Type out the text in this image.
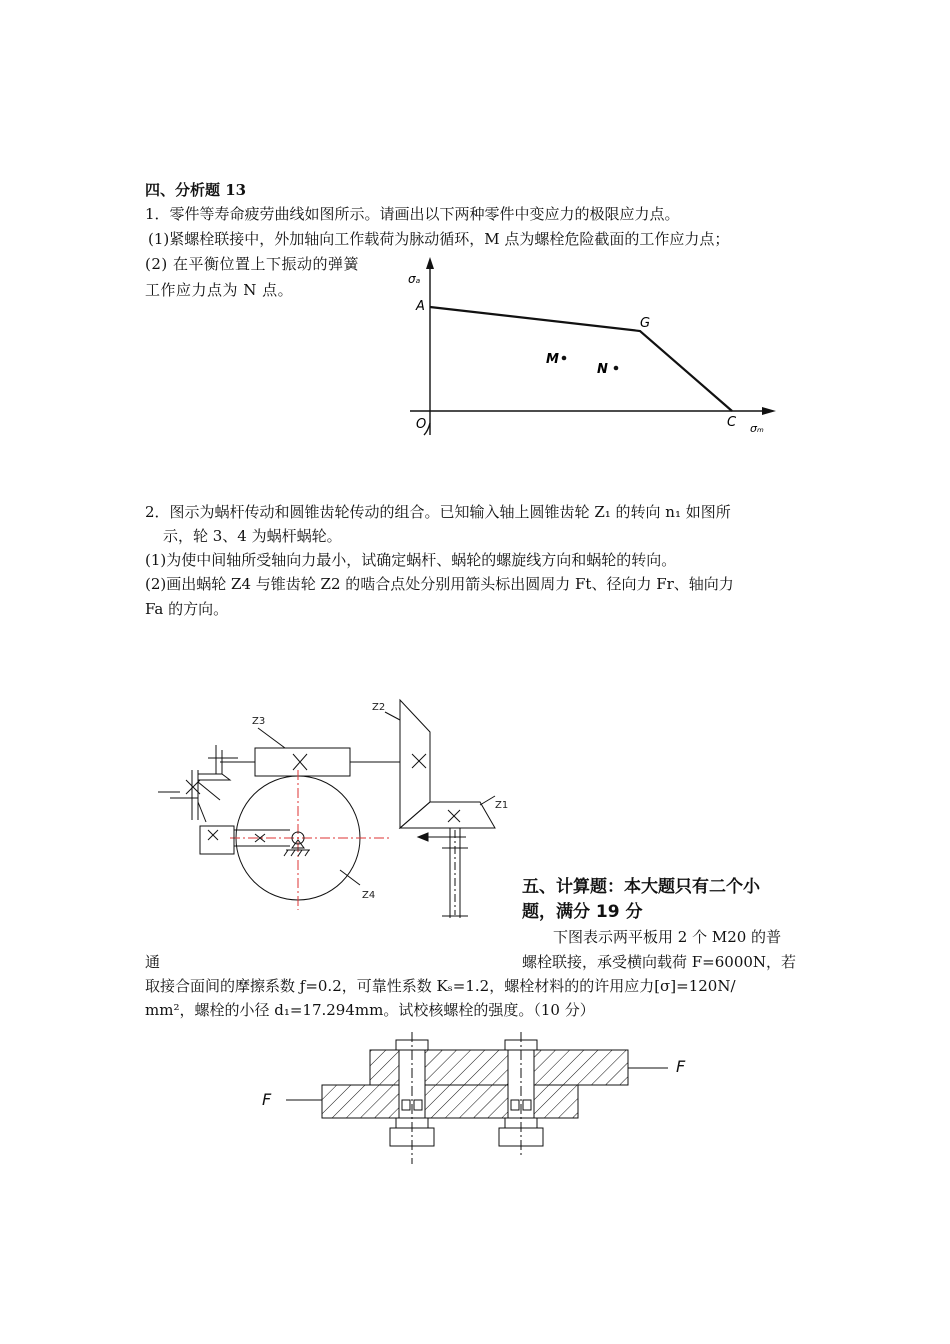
四、分析题 13
1．零件等寿命疲劳曲线如图所示。请画出以下两种零件中变应力的极限应力点。
(1)紧螺栓联接中，外加轴向工作载荷为脉动循环，M 点为螺栓危险截面的工作应力点；
(2) 在平衡位置上下振动的弹簧
工作应力点为 N 点。
σₐ
A
G
M
N
O	C σₘ
2．图示为蜗杆传动和圆锥齿轮传动的组合。已知输入轴上圆锥齿轮 Z₁ 的转向 n₁ 如图所
示，轮 3、4 为蜗杆蜗轮。
(1)为使中间轴所受轴向力最小，试确定蜗杆、蜗轮的螺旋线方向和蜗轮的转向。
(2)画出蜗轮 Z4 与锥齿轮 Z2 的啮合点处分别用箭头标出圆周力 Ft、径向力 Fr、轴向力
Fa 的方向。
Z3
Z2
Z1
Z4	五、计算题：本大题只有二个小
题，满分 19 分
下图表示两平板用 2 个 M20 的普
通	螺栓联接，承受横向载荷 F=6000N，若
取接合面间的摩擦系数 ƒ=0.2，可靠性系数 Kₛ=1.2，螺栓材料的的许用应力[σ]=120N/
mm²，螺栓的小径 d₁=17.294mm。试校核螺栓的强度。（10 分）
F
F
